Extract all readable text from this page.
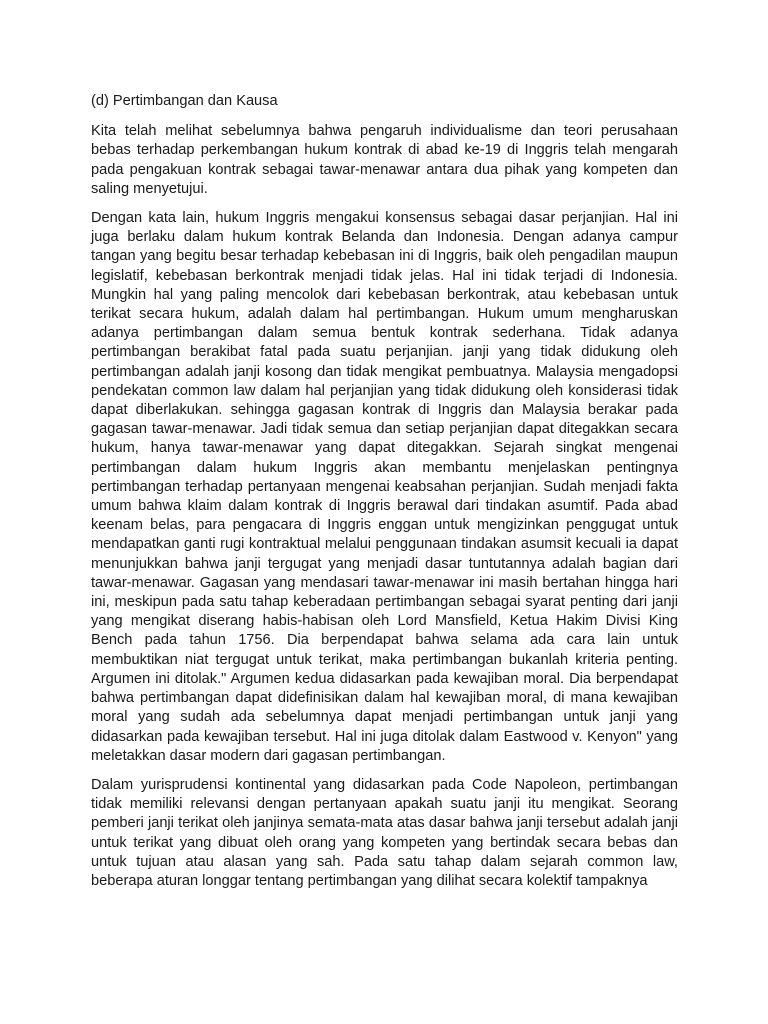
(d) Pertimbangan dan Kausa

Kita telah melihat sebelumnya bahwa pengaruh individualisme dan teori perusahaan bebas terhadap perkembangan hukum kontrak di abad ke-19 di Inggris telah mengarah pada pengakuan kontrak sebagai tawar-menawar antara dua pihak yang kompeten dan saling menyetujui.

Dengan kata lain, hukum Inggris mengakui konsensus sebagai dasar perjanjian. Hal ini juga berlaku dalam hukum kontrak Belanda dan Indonesia. Dengan adanya campur tangan yang begitu besar terhadap kebebasan ini di Inggris, baik oleh pengadilan maupun legislatif, kebebasan berkontrak menjadi tidak jelas. Hal ini tidak terjadi di Indonesia. Mungkin hal yang paling mencolok dari kebebasan berkontrak, atau kebebasan untuk terikat secara hukum, adalah dalam hal pertimbangan. Hukum umum mengharuskan adanya pertimbangan dalam semua bentuk kontrak sederhana. Tidak adanya pertimbangan berakibat fatal pada suatu perjanjian. janji yang tidak didukung oleh pertimbangan adalah janji kosong dan tidak mengikat pembuatnya. Malaysia mengadopsi pendekatan common law dalam hal perjanjian yang tidak didukung oleh konsiderasi tidak dapat diberlakukan. sehingga gagasan kontrak di Inggris dan Malaysia berakar pada gagasan tawar-menawar. Jadi tidak semua dan setiap perjanjian dapat ditegakkan secara hukum, hanya tawar-menawar yang dapat ditegakkan. Sejarah singkat mengenai pertimbangan dalam hukum Inggris akan membantu menjelaskan pentingnya pertimbangan terhadap pertanyaan mengenai keabsahan perjanjian. Sudah menjadi fakta umum bahwa klaim dalam kontrak di Inggris berawal dari tindakan asumtif. Pada abad keenam belas, para pengacara di Inggris enggan untuk mengizinkan penggugat untuk mendapatkan ganti rugi kontraktual melalui penggunaan tindakan asumsit kecuali ia dapat menunjukkan bahwa janji tergugat yang menjadi dasar tuntutannya adalah bagian dari tawar-menawar. Gagasan yang mendasari tawar-menawar ini masih bertahan hingga hari ini, meskipun pada satu tahap keberadaan pertimbangan sebagai syarat penting dari janji yang mengikat diserang habis-habisan oleh Lord Mansfield, Ketua Hakim Divisi King Bench pada tahun 1756. Dia berpendapat bahwa selama ada cara lain untuk membuktikan niat tergugat untuk terikat, maka pertimbangan bukanlah kriteria penting. Argumen ini ditolak." Argumen kedua didasarkan pada kewajiban moral. Dia berpendapat bahwa pertimbangan dapat didefinisikan dalam hal kewajiban moral, di mana kewajiban moral yang sudah ada sebelumnya dapat menjadi pertimbangan untuk janji yang didasarkan pada kewajiban tersebut. Hal ini juga ditolak dalam Eastwood v. Kenyon" yang meletakkan dasar modern dari gagasan pertimbangan.

Dalam yurisprudensi kontinental yang didasarkan pada Code Napoleon, pertimbangan tidak memiliki relevansi dengan pertanyaan apakah suatu janji itu mengikat. Seorang pemberi janji terikat oleh janjinya semata-mata atas dasar bahwa janji tersebut adalah janji untuk terikat yang dibuat oleh orang yang kompeten yang bertindak secara bebas dan untuk tujuan atau alasan yang sah. Pada satu tahap dalam sejarah common law, beberapa aturan longgar tentang pertimbangan yang dilihat secara kolektif tampaknya
